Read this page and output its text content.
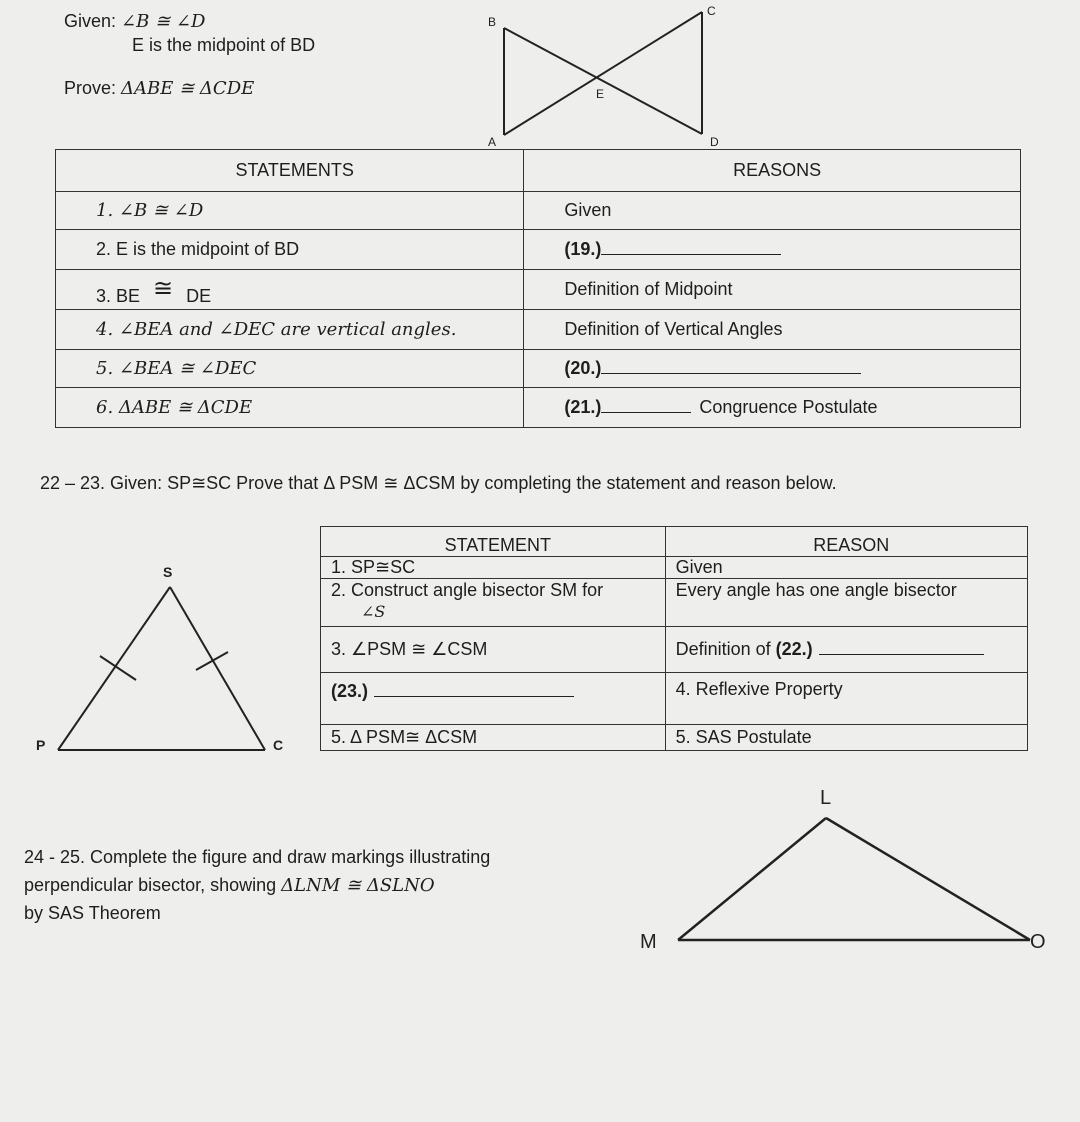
Given: ∠B ≅ ∠D
E is the midpoint of BD
Prove: ΔABE ≅ ΔCDE
B
A
C
D
E
STATEMENTS	REASONS
1. ∠B ≅ ∠D	Given
2. E is the midpoint of BD	(19.)
3. BE ≅ DE	Definition of Midpoint
4. ∠BEA and ∠DEC are vertical angles.	Definition of Vertical Angles
5. ∠BEA ≅ ∠DEC	(20.)
6. ΔABE ≅ ΔCDE	(21.) Congruence Postulate
22 – 23. Given: SP≅SC Prove that Δ PSM ≅ ΔCSM by completing the statement and reason below.
S
P	C
STATEMENT	REASON
1. SP≅SC	Given

2. Construct angle bisector SM for
∠S	Every angle has one angle bisector
3. ∠PSM ≅ ∠CSM	Definition of (22.)
(23.)	4. Reflexive Property
5. Δ PSM≅ ΔCSM	5. SAS Postulate
24 - 25. Complete the figure and draw markings illustrating
perpendicular bisector, showing ΔLNM ≅ ΔSLNO
by SAS Theorem
L
M	O
